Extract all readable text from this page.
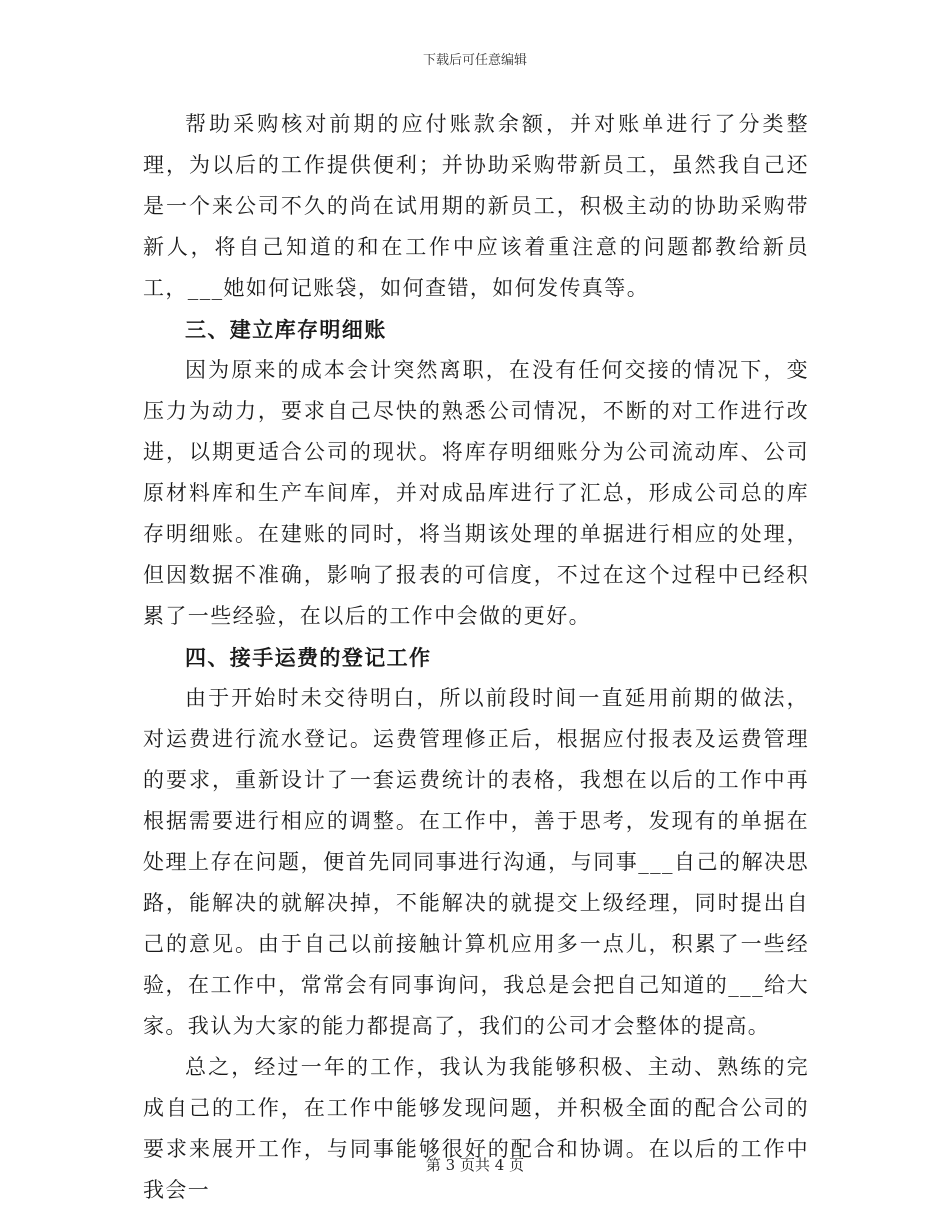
下载后可任意编辑

帮助采购核对前期的应付账款余额，并对账单进行了分类整理，为以后的工作提供便利；并协助采购带新员工，虽然我自己还是一个来公司不久的尚在试用期的新员工，积极主动的协助采购带新人，将自己知道的和在工作中应该着重注意的问题都教给新员工，___她如何记账袋，如何查错，如何发传真等。

三、建立库存明细账

因为原来的成本会计突然离职，在没有任何交接的情况下，变压力为动力，要求自己尽快的熟悉公司情况，不断的对工作进行改进，以期更适合公司的现状。将库存明细账分为公司流动库、公司原材料库和生产车间库，并对成品库进行了汇总，形成公司总的库存明细账。在建账的同时，将当期该处理的单据进行相应的处理，但因数据不准确，影响了报表的可信度，不过在这个过程中已经积累了一些经验，在以后的工作中会做的更好。

四、接手运费的登记工作

由于开始时未交待明白，所以前段时间一直延用前期的做法，对运费进行流水登记。运费管理修正后，根据应付报表及运费管理的要求，重新设计了一套运费统计的表格，我想在以后的工作中再根据需要进行相应的调整。在工作中，善于思考，发现有的单据在处理上存在问题，便首先同同事进行沟通，与同事___自己的解决思路，能解决的就解决掉，不能解决的就提交上级经理，同时提出自己的意见。由于自己以前接触计算机应用多一点儿，积累了一些经验，在工作中，常常会有同事询问，我总是会把自己知道的___给大家。我认为大家的能力都提高了，我们的公司才会整体的提高。

总之，经过一年的工作，我认为我能够积极、主动、熟练的完成自己的工作，在工作中能够发现问题，并积极全面的配合公司的要求来展开工作，与同事能够很好的配合和协调。在以后的工作中我会一

第 3 页共 4 页
